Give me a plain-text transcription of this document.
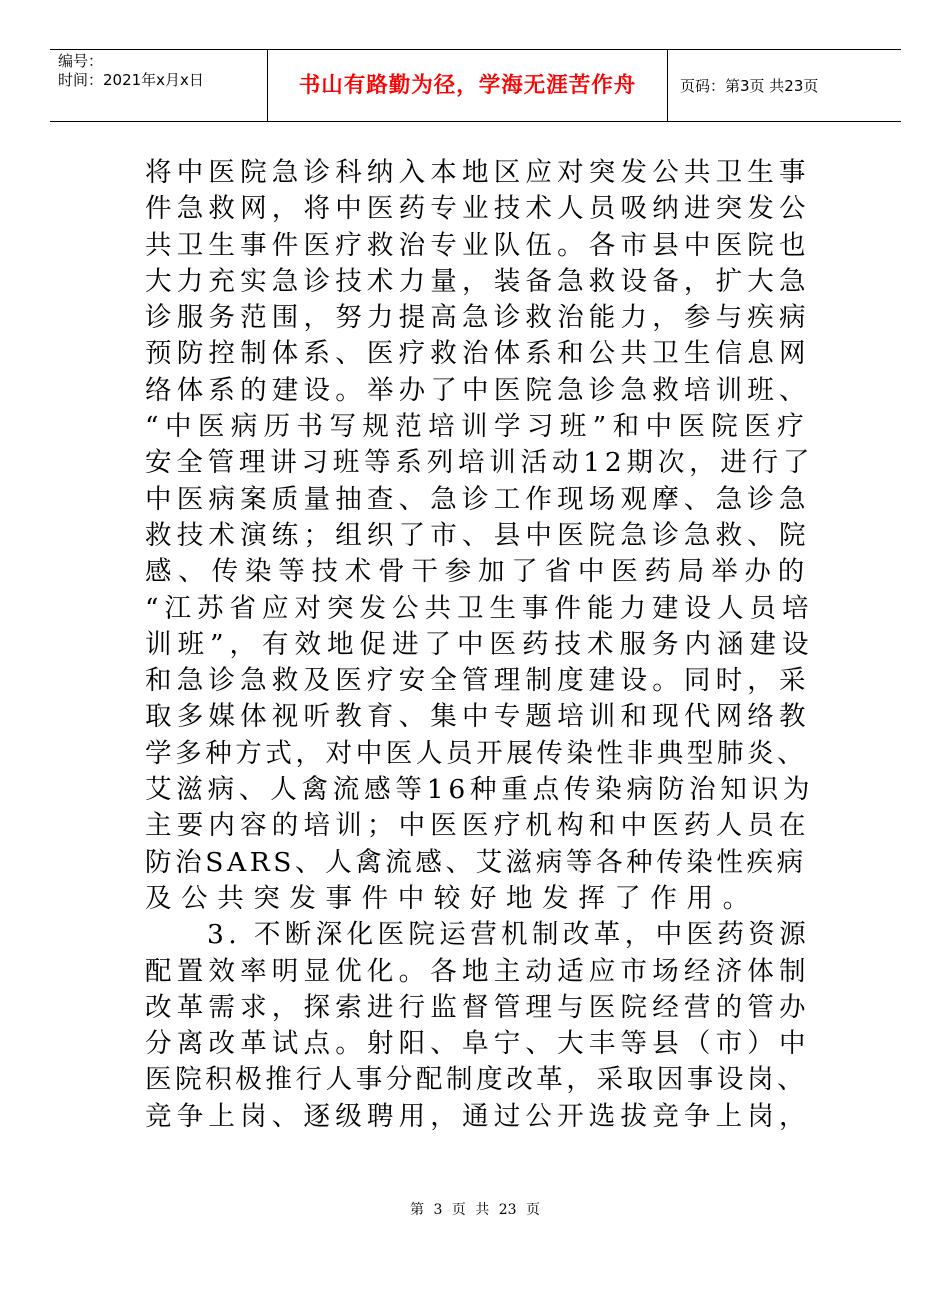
编号：
时间：2021年x月x日	书山有路勤为径，学海无涯苦作舟	页码：第3页 共23页
将中医院急诊科纳入本地区应对突发公共卫生事
件急救网，将中医药专业技术人员吸纳进突发公
共卫生事件医疗救治专业队伍。各市县中医院也
大力充实急诊技术力量，装备急救设备，扩大急
诊服务范围，努力提高急诊救治能力，参与疾病
预防控制体系、医疗救治体系和公共卫生信息网
络体系的建设。举办了中医院急诊急救培训班、
“中医病历书写规范培训学习班”和中医院医疗
安全管理讲习班等系列培训活动12期次，进行了
中医病案质量抽查、急诊工作现场观摩、急诊急
救技术演练；组织了市、县中医院急诊急救、院
感、传染等技术骨干参加了省中医药局举办的
“江苏省应对突发公共卫生事件能力建设人员培
训班”，有效地促进了中医药技术服务内涵建设
和急诊急救及医疗安全管理制度建设。同时，采
取多媒体视听教育、集中专题培训和现代网络教
学多种方式，对中医人员开展传染性非典型肺炎、
艾滋病、人禽流感等16种重点传染病防治知识为
主要内容的培训；中医医疗机构和中医药人员在
防治SARS、人禽流感、艾滋病等各种传染性疾病
及公共突发事件中较好地发挥了作用。
3. 不断深化医院运营机制改革，中医药资源
配置效率明显优化。各地主动适应市场经济体制
改革需求，探索进行监督管理与医院经营的管办
分离改革试点。射阳、阜宁、大丰等县（市）中
医院积极推行人事分配制度改革，采取因事设岗、
竞争上岗、逐级聘用，通过公开选拔竞争上岗，
第 3 页 共 23 页
